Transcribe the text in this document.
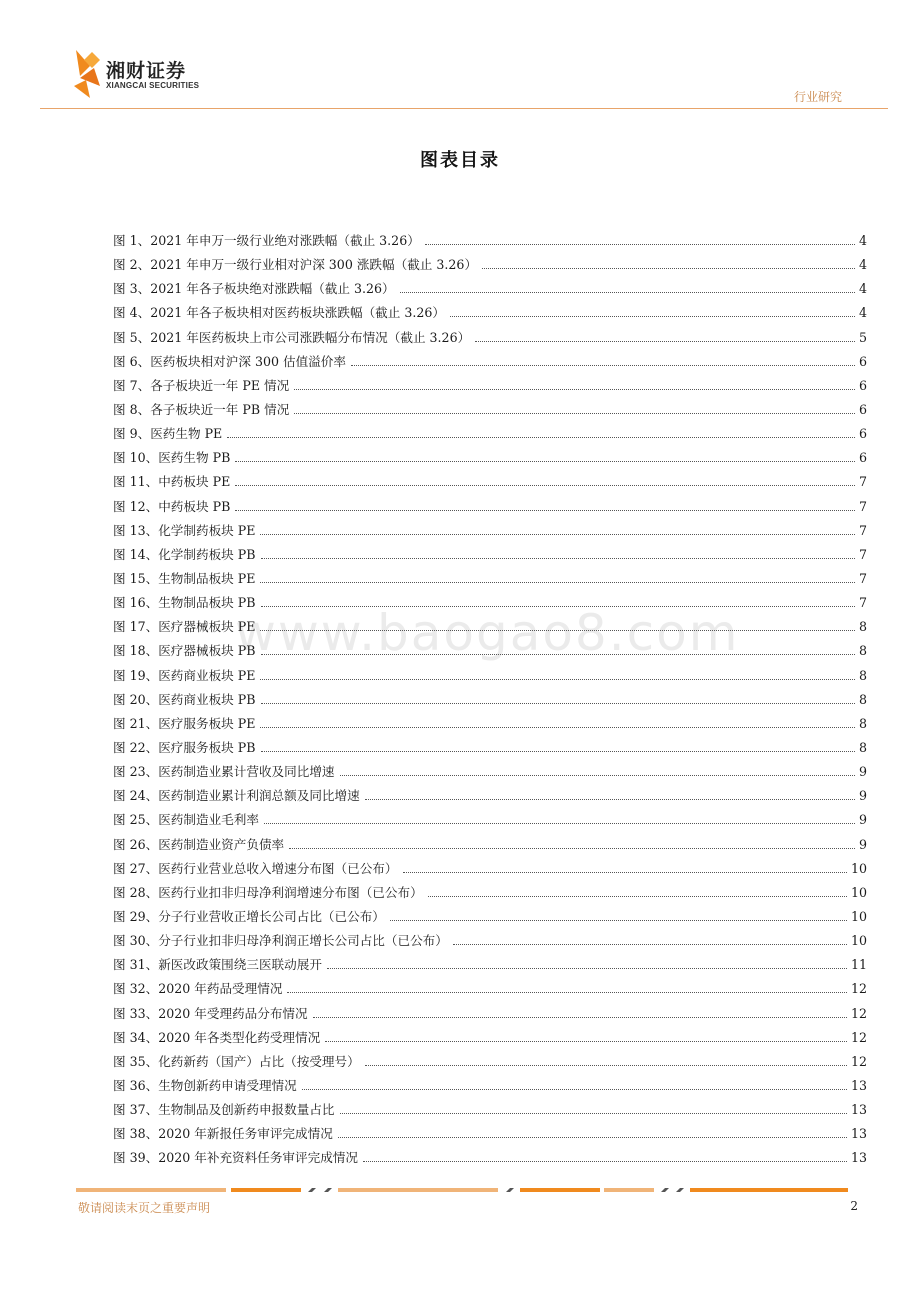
湘财证券
XIANGCAI SECURITIES
行业研究
图表目录
www.baogao8.com
图 1、2021 年申万一级行业绝对涨跌幅（截止 3.26）	4
图 2、2021 年申万一级行业相对沪深 300 涨跌幅（截止 3.26）	4
图 3、2021 年各子板块绝对涨跌幅（截止 3.26）	4
图 4、2021 年各子板块相对医药板块涨跌幅（截止 3.26）	4
图 5、2021 年医药板块上市公司涨跌幅分布情况（截止 3.26）	5
图 6、医药板块相对沪深 300 估值溢价率	6
图 7、各子板块近一年 PE 情况	6
图 8、各子板块近一年 PB 情况	6
图 9、医药生物 PE	6
图 10、医药生物 PB	6
图 11、中药板块 PE	7
图 12、中药板块 PB	7
图 13、化学制药板块 PE	7
图 14、化学制药板块 PB	7
图 15、生物制品板块 PE	7
图 16、生物制品板块 PB	7
图 17、医疗器械板块 PE	8
图 18、医疗器械板块 PB	8
图 19、医药商业板块 PE	8
图 20、医药商业板块 PB	8
图 21、医疗服务板块 PE	8
图 22、医疗服务板块 PB	8
图 23、医药制造业累计营收及同比增速	9
图 24、医药制造业累计利润总额及同比增速	9
图 25、医药制造业毛利率	9
图 26、医药制造业资产负债率	9
图 27、医药行业营业总收入增速分布图（已公布）	10
图 28、医药行业扣非归母净利润增速分布图（已公布）	10
图 29、分子行业营收正增长公司占比（已公布）	10
图 30、分子行业扣非归母净利润正增长公司占比（已公布）	10
图 31、新医改政策围绕三医联动展开	11
图 32、2020 年药品受理情况	12
图 33、2020 年受理药品分布情况	12
图 34、2020 年各类型化药受理情况	12
图 35、化药新药（国产）占比（按受理号）	12
图 36、生物创新药申请受理情况	13
图 37、生物制品及创新药申报数量占比	13
图 38、2020 年新报任务审评完成情况	13
图 39、2020 年补充资料任务审评完成情况	13
敬请阅读末页之重要声明	2
